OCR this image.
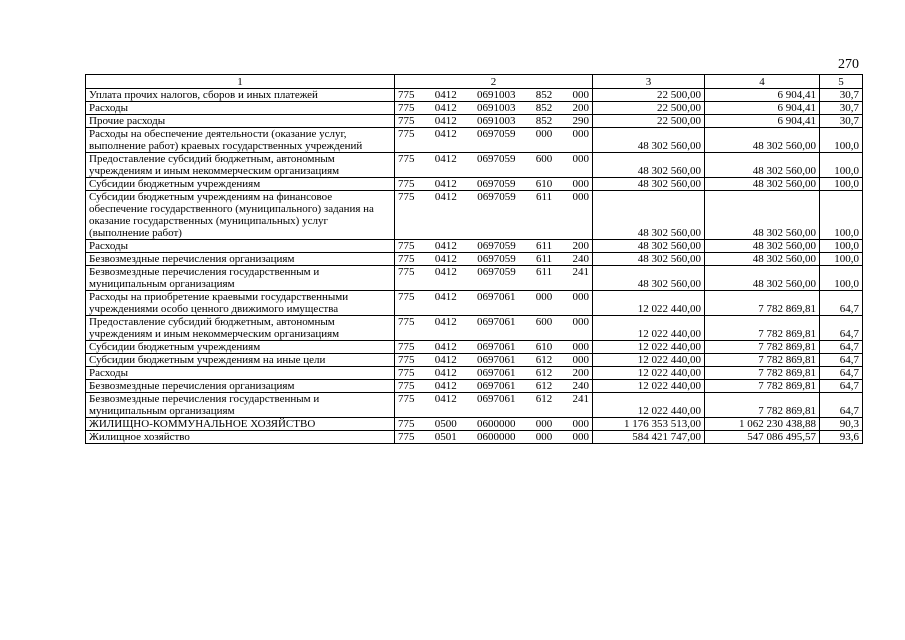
270
1	2	3	4	5
Уплата прочих налогов, сборов и иных платежей	775 0412 0691003 852 000	22 500,00	6 904,41	30,7
Расходы	775 0412 0691003 852 200	22 500,00	6 904,41	30,7
Прочие расходы	775 0412 0691003 852 290	22 500,00	6 904,41	30,7
Расходы на обеспечение деятельности (оказание услуг, выполнение работ) краевых государственных учреждений	775 0412 0697059 000 000	48 302 560,00	48 302 560,00	100,0
Предоставление субсидий бюджетным, автономным учреждениям и иным некоммерческим организациям	775 0412 0697059 600 000	48 302 560,00	48 302 560,00	100,0
Субсидии бюджетным учреждениям	775 0412 0697059 610 000	48 302 560,00	48 302 560,00	100,0
Субсидии бюджетным учреждениям на финансовое обеспечение государственного (муниципального) задания на оказание государственных (муниципальных) услуг (выполнение работ)	775 0412 0697059 611 000	48 302 560,00	48 302 560,00	100,0
Расходы	775 0412 0697059 611 200	48 302 560,00	48 302 560,00	100,0
Безвозмездные перечисления организациям	775 0412 0697059 611 240	48 302 560,00	48 302 560,00	100,0
Безвозмездные перечисления государственным и муниципальным организациям	775 0412 0697059 611 241	48 302 560,00	48 302 560,00	100,0
Расходы на приобретение краевыми государственными учреждениями особо ценного движимого имущества	775 0412 0697061 000 000	12 022 440,00	7 782 869,81	64,7
Предоставление субсидий бюджетным, автономным учреждениям и иным некоммерческим организациям	775 0412 0697061 600 000	12 022 440,00	7 782 869,81	64,7
Субсидии бюджетным учреждениям	775 0412 0697061 610 000	12 022 440,00	7 782 869,81	64,7
Субсидии бюджетным учреждениям на иные цели	775 0412 0697061 612 000	12 022 440,00	7 782 869,81	64,7
Расходы	775 0412 0697061 612 200	12 022 440,00	7 782 869,81	64,7
Безвозмездные перечисления организациям	775 0412 0697061 612 240	12 022 440,00	7 782 869,81	64,7
Безвозмездные перечисления государственным и муниципальным организациям	775 0412 0697061 612 241	12 022 440,00	7 782 869,81	64,7
ЖИЛИЩНО-КОММУНАЛЬНОЕ ХОЗЯЙСТВО	775 0500 0600000 000 000	1 176 353 513,00	1 062 230 438,88	90,3
Жилищное хозяйство	775 0501 0600000 000 000	584 421 747,00	547 086 495,57	93,6
